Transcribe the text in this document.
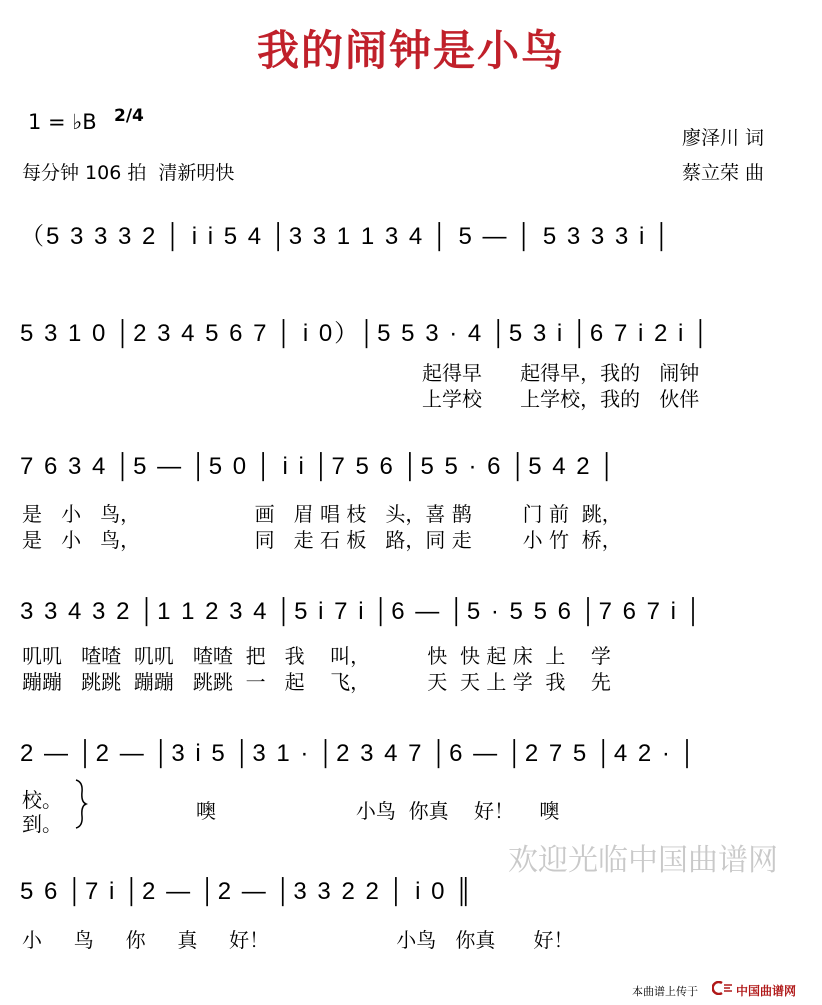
我的闹钟是小鸟
1 = ♭B 2/4
每分钟 106 拍  清新明快
廖泽川 词
蔡立荣 曲
（5 3 3 3 2 │ i i 5 4 │3 3 1 1 3 4 │ 5 — │ 5 3 3 3 i │
5 3 1 0 │2 3 4 5 6 7 │ i 0）│5 5 3 · 4 │5 3 i │6 7 i 2 i │
起得早      起得早，我的   闹钟
上学校      上学校，我的   伙伴
7 6 3 4 │5 — │5 0 │ i i │7 5 6 │5 5 · 6 │5 4 2 │
是   小   鸟，                  画   眉 唱 枝   头，喜 鹊        门 前  跳，
是   小   鸟，                  同   走 石 板   路，同 走        小 竹  桥，
3 3 4 3 2 │1 1 2 3 4 │5 i 7 i │6 — │5 · 5 5 6 │7 6 7 i │
叽叽   喳喳  叽叽   喳喳  把   我    叫，         快  快 起 床  上    学
蹦蹦   跳跳  蹦蹦   跳跳  一   起    飞，         天  天 上 学  我    先
2 — │2 — │3 i 5 │3 1 · │2 3 4 7 │6 — │2 7 5 │4 2 · │
校。
到。
噢                      小鸟  你真    好！    噢
欢迎光临中国曲谱网
5 6 │7 i │2 — │2 — │3 3 2 2 │ i 0 ║
小     鸟     你     真     好！                    小鸟   你真      好！
本曲谱上传于	中国曲谱网
